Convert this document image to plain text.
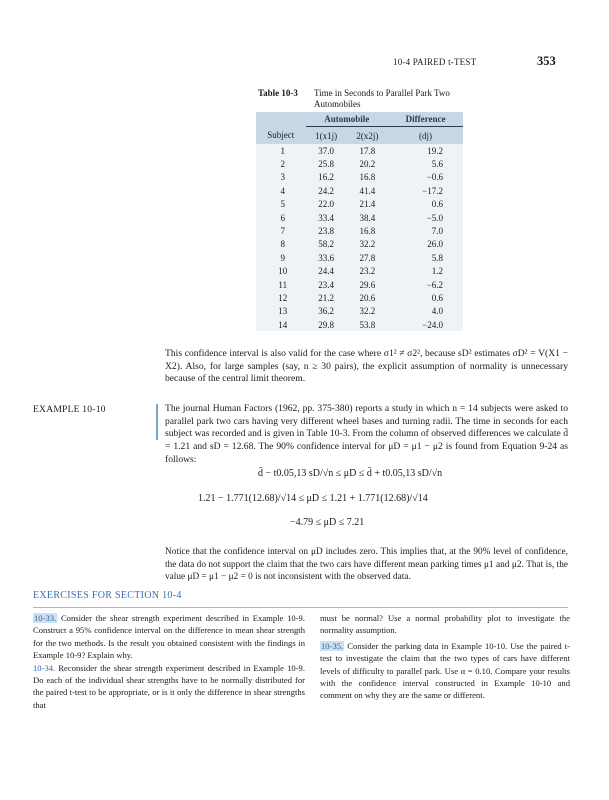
10-4 PAIRED t-TEST	353
Table 10-3 Time in Seconds to Parallel Park Two Automobiles
	Automobile		Difference
Subject	1(x1j)	2(x2j)	(dj)
1	37.0	17.8	19.2
2	25.8	20.2	5.6
3	16.2	16.8	−0.6
4	24.2	41.4	−17.2
5	22.0	21.4	0.6
6	33.4	38.4	−5.0
7	23.8	16.8	7.0
8	58.2	32.2	26.0
9	33.6	27.8	5.8
10	24.4	23.2	1.2
11	23.4	29.6	−6.2
12	21.2	20.6	0.6
13	36.2	32.2	4.0
14	29.8	53.8	−24.0
This confidence interval is also valid for the case where σ1² ≠ σ2², because sD² estimates σD² = V(X1 − X2). Also, for large samples (say, n ≥ 30 pairs), the explicit assumption of normality is unnecessary because of the central limit theorem.
EXAMPLE 10-10	The journal Human Factors (1962, pp. 375-380) reports a study in which n = 14 subjects were asked to parallel park two cars having very different wheel bases and turning radii. The time in seconds for each subject was recorded and is given in Table 10-3. From the column of observed differences we calculate d̄ = 1.21 and sD = 12.68. The 90% confidence interval for μD = μ1 − μ2 is found from Equation 9-24 as follows:
d̄ − t0.05,13 sD/√n ≤ μD ≤ d̄ + t0.05,13 sD/√n
1.21 − 1.771(12.68)/√14 ≤ μD ≤ 1.21 + 1.771(12.68)/√14
−4.79 ≤ μD ≤ 7.21
Notice that the confidence interval on μD includes zero. This implies that, at the 90% level of confidence, the data do not support the claim that the two cars have different mean parking times μ1 and μ2. That is, the value μD = μ1 − μ2 = 0 is not inconsistent with the observed data.
EXERCISES FOR SECTION 10-4
10-33. Consider the shear strength experiment described in Example 10-9. Construct a 95% confidence interval on the difference in mean shear strength for the two methods. Is the result you obtained consistent with the findings in Example 10-9? Explain why.
10-34. Reconsider the shear strength experiment described in Example 10-9. Do each of the individual shear strengths have to be normally distributed for the paired t-test to be appropriate, or is it only the difference in shear strengths that
must be normal? Use a normal probability plot to investigate the normality assumption.
10-35. Consider the parking data in Example 10-10. Use the paired t-test to investigate the claim that the two types of cars have different levels of difficulty to parallel park. Use α = 0.10. Compare your results with the confidence interval constructed in Example 10-10 and comment on why they are the same or different.
